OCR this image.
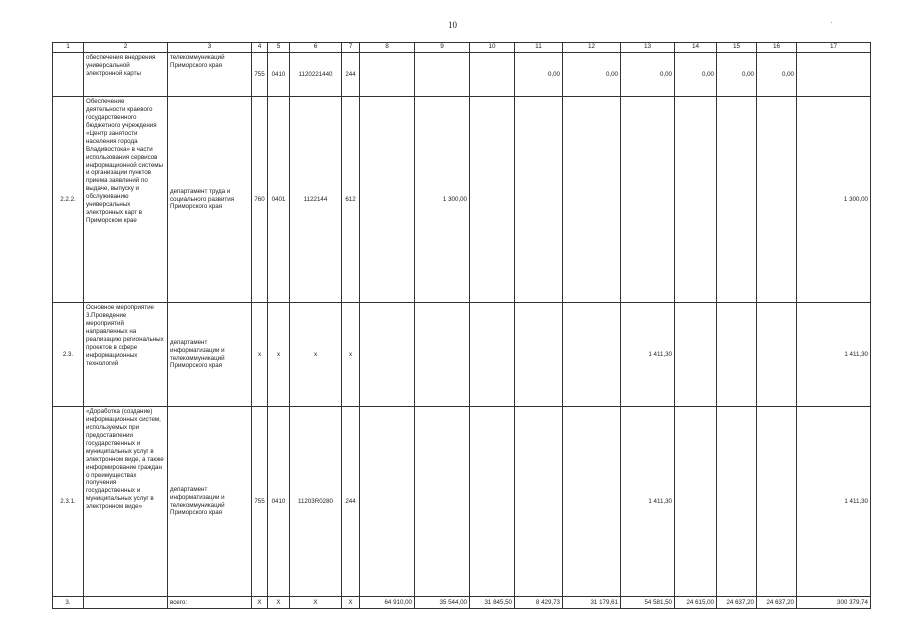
10	·
1	2	3	4	5	6	7	8	9	10	11	12	13	14	15	16	17
	обеспечения внедрения универсальной электронной карты	телекоммуникаций Приморского края	755	0410	1120221440	244				0,00	0,00	0,00	0,00	0,00	0,00	
2.2.2.	Обеспечение деятельности краевого государственного бюджетного учреждения «Центр занятости населения города Владивостока» в части использования сервисов информационной системы и организации пунктов приема заявлений по выдаче, выпуску и обслуживанию универсальных электронных карт в Приморском крае	департамент труда и социального развития Приморского края	760	0401	1122144	612		1 300,00								1 300,00
2.3.	Основное мероприятие 3.Проведение мероприятий направленных на реализацию региональных проектов в сфере информационных технологий	департамент информатизации и телекоммуникаций Приморского края	x	x	x	x						1 411,30				1 411,30
2.3.1.	«Доработка (создание) информационных систем, используемых при предоставлении государственных и муниципальных услуг в электронном виде, а также информирование граждан о преимуществах получения государственных и муниципальных услуг в электронном виде»	департамент информатизации и телекоммуникаций Приморского края	755	0410	11203R0280	244						1 411,30				1 411,30
3.		всего:	X	X	X	X	64 910,00	35 544,00	31 845,50	8 429,73	31 179,61	54 581,50	24 615,00	24 637,20	24 637,20	300 379,74
